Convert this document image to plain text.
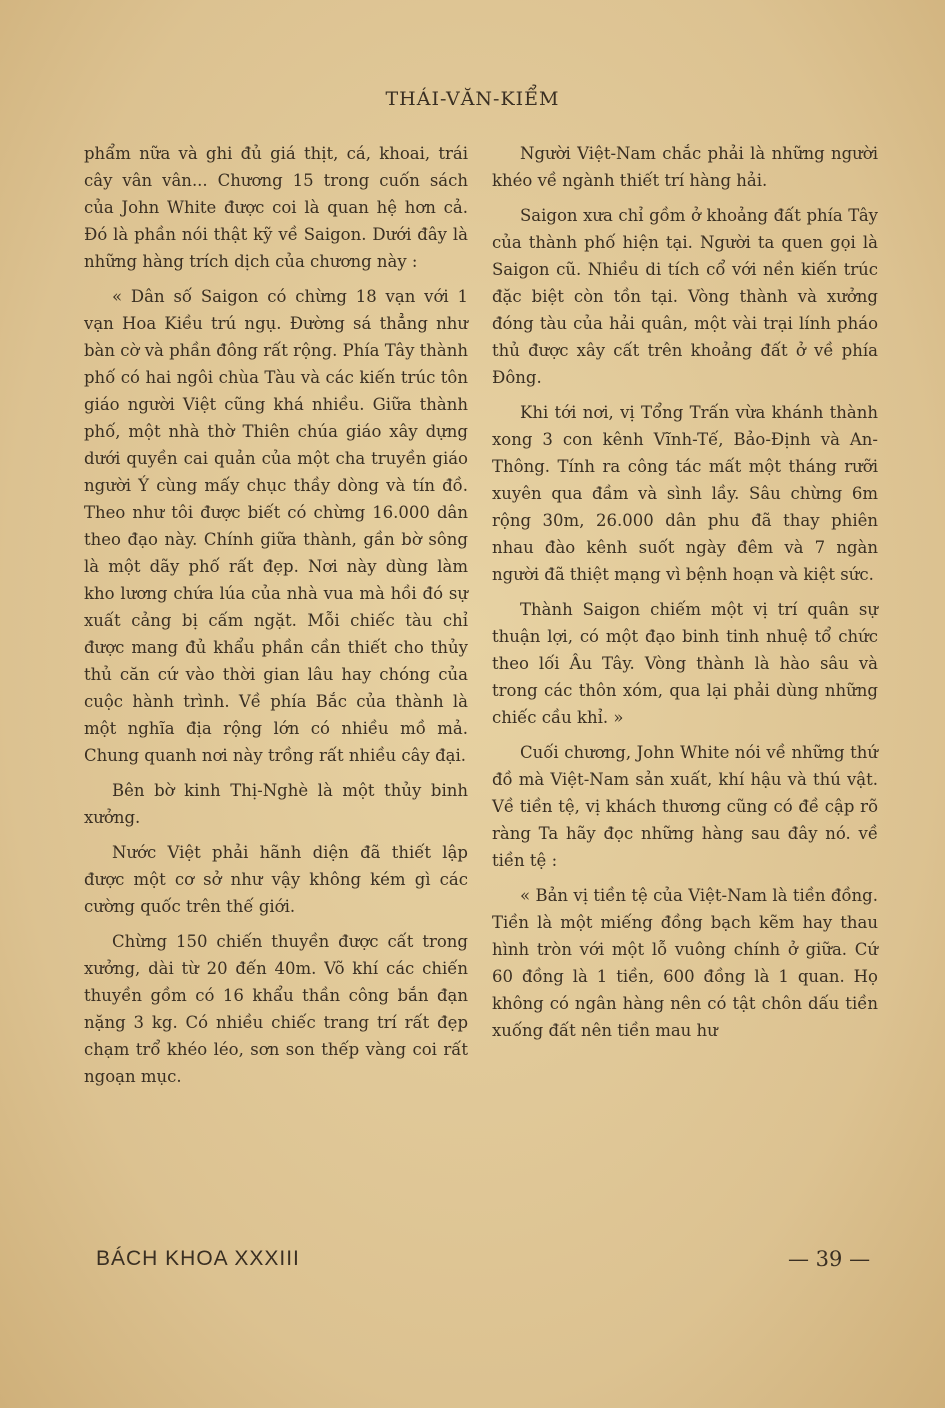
THÁI-VĂN-KIỂM

phẩm nữa và ghi đủ giá thịt, cá, khoai, trái cây vân vân... Chương 15 trong cuốn sách của John White được coi là quan hệ hơn cả. Đó là phần nói thật kỹ về Saigon. Dưới đây là những hàng trích dịch của chương này :

« Dân số Saigon có chừng 18 vạn với 1 vạn Hoa Kiều trú ngụ. Đường sá thẳng như bàn cờ và phần đông rất rộng. Phía Tây thành phố có hai ngôi chùa Tàu và các kiến trúc tôn giáo người Việt cũng khá nhiều. Giữa thành phố, một nhà thờ Thiên chúa giáo xây dựng dưới quyền cai quản của một cha truyền giáo người Ý cùng mấy chục thầy dòng và tín đồ. Theo như tôi được biết có chừng 16.000 dân theo đạo này. Chính giữa thành, gần bờ sông là một dãy phố rất đẹp. Nơi này dùng làm kho lương chứa lúa của nhà vua mà hồi đó sự xuất cảng bị cấm ngặt. Mỗi chiếc tàu chỉ được mang đủ khẩu phần cần thiết cho thủy thủ căn cứ vào thời gian lâu hay chóng của cuộc hành trình. Về phía Bắc của thành là một nghĩa địa rộng lớn có nhiều mồ mả. Chung quanh nơi này trồng rất nhiều cây đại.

Bên bờ kinh Thị-Nghè là một thủy binh xưởng.

Nước Việt phải hãnh diện đã thiết lập được một cơ sở như vậy không kém gì các cường quốc trên thế giới.

Chừng 150 chiến thuyền được cất trong xưởng, dài từ 20 đến 40m. Võ khí các chiến thuyền gồm có 16 khẩu thần công bắn đạn nặng 3 kg. Có nhiều chiếc trang trí rất đẹp chạm trổ khéo léo, sơn son thếp vàng coi rất ngoạn mục.

Người Việt-Nam chắc phải là những người khéo về ngành thiết trí hàng hải.

Saigon xưa chỉ gồm ở khoảng đất phía Tây của thành phố hiện tại. Người ta quen gọi là Saigon cũ. Nhiều di tích cổ với nền kiến trúc đặc biệt còn tồn tại. Vòng thành và xưởng đóng tàu của hải quân, một vài trại lính pháo thủ được xây cất trên khoảng đất ở về phía Đông.

Khi tới nơi, vị Tổng Trấn vừa khánh thành xong 3 con kênh Vĩnh-Tế, Bảo-Định và An-Thông. Tính ra công tác mất một tháng rưỡi xuyên qua đầm và sình lầy. Sâu chừng 6m rộng 30m, 26.000 dân phu đã thay phiên nhau đào kênh suốt ngày đêm và 7 ngàn người đã thiệt mạng vì bệnh hoạn và kiệt sức.

Thành Saigon chiếm một vị trí quân sự thuận lợi, có một đạo binh tinh nhuệ tổ chức theo lối Âu Tây. Vòng thành là hào sâu và trong các thôn xóm, qua lại phải dùng những chiếc cầu khỉ. »

Cuối chương, John White nói về những thứ đồ mà Việt-Nam sản xuất, khí hậu và thú vật. Về tiền tệ, vị khách thương cũng có đề cập rõ ràng Ta hãy đọc những hàng sau đây nó. về tiền tệ :

« Bản vị tiền tệ của Việt-Nam là tiền đồng. Tiền là một miếng đồng bạch kẽm hay thau hình tròn với một lỗ vuông chính ở giữa. Cứ 60 đồng là 1 tiền, 600 đồng là 1 quan. Họ không có ngân hàng nên có tật chôn dấu tiền xuống đất nên tiền mau hư

BÁCH KHOA XXXIII	— 39 —
